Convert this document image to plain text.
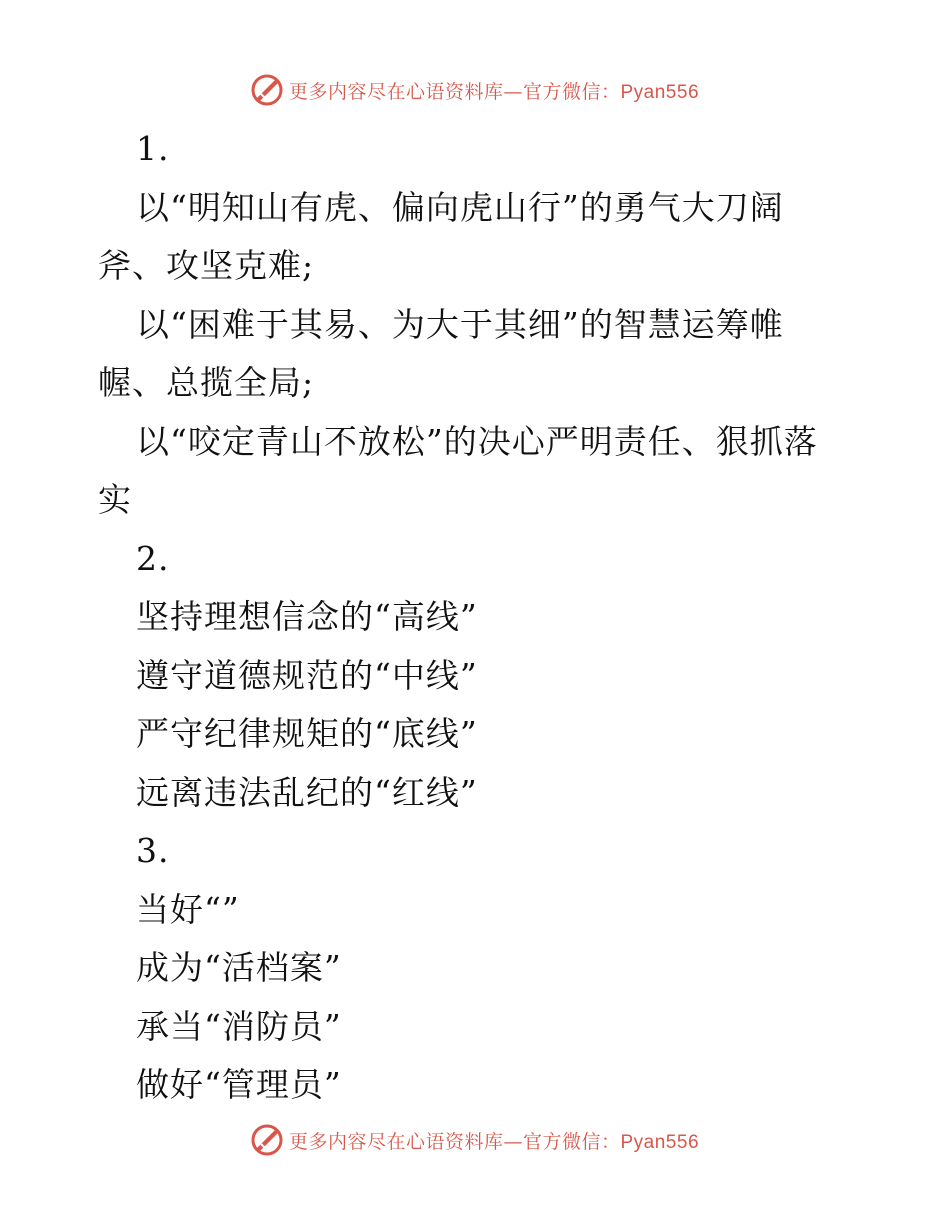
更多内容尽在心语资料库—官方微信：Pyan556
1.
以“明知山有虎、偏向虎山行”的勇气大刀阔
斧、攻坚克难;
以“困难于其易、为大于其细”的智慧运筹帷
幄、总揽全局;
以“咬定青山不放松”的决心严明责任、狠抓落
实
2.
坚持理想信念的“高线”
遵守道德规范的“中线”
严守纪律规矩的“底线”
远离违法乱纪的“红线”
3.
当好“”
成为“活档案”
承当“消防员”
做好“管理员”
更多内容尽在心语资料库—官方微信：Pyan556
